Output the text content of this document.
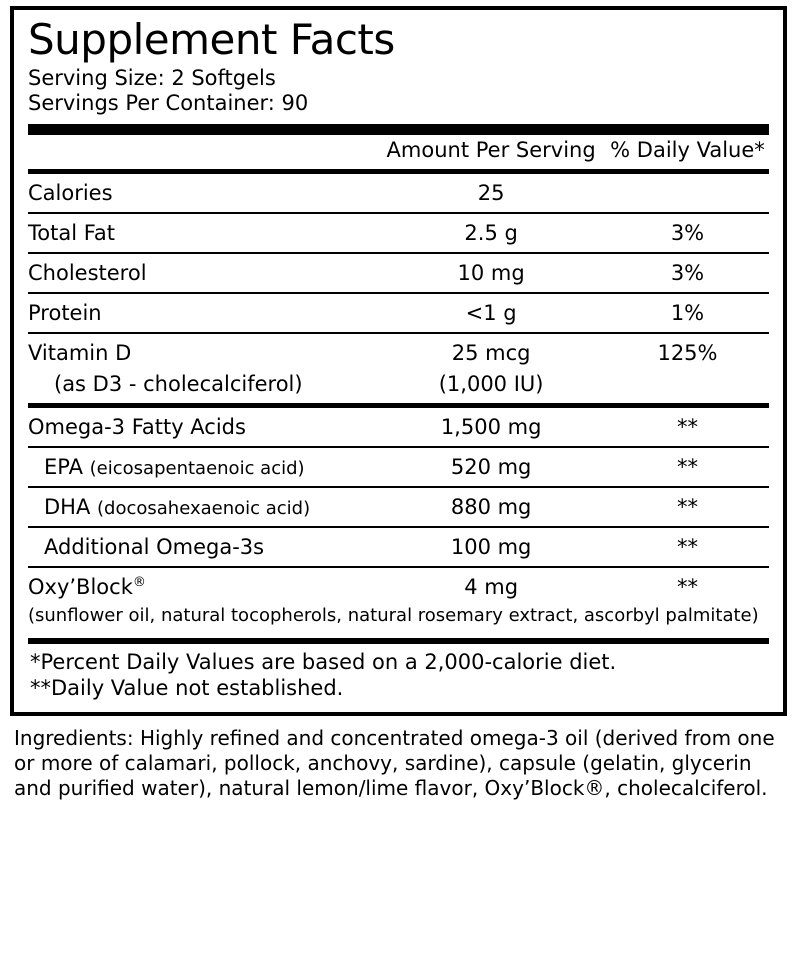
Supplement Facts
Serving Size: 2 Softgels
Servings Per Container: 90
	Amount Per Serving	% Daily Value*

Calories	25	

Total Fat	2.5 g	3%

Cholesterol	10 mg	3%

Protein	<1 g	1%

Vitamin D	25 mcg	125%
(as D3 - cholecalciferol)	(1,000 IU)	

Omega-3 Fatty Acids	1,500 mg	**

EPA (eicosapentaenoic acid)	520 mg	**

DHA (docosahexaenoic acid)	880 mg	**

Additional Omega-3s	100 mg	**

Oxy’Block®	4 mg	**
(sunflower oil, natural tocopherols, natural rosemary extract, ascorbyl palmitate)		
*Percent Daily Values are based on a 2,000-calorie diet.
**Daily Value not established.
Ingredients: Highly refined and concentrated omega-3 oil (derived from one or more of calamari, pollock, anchovy, sardine), capsule (gelatin, glycerin and purified water), natural lemon/lime flavor, Oxy’Block®, cholecalciferol.
